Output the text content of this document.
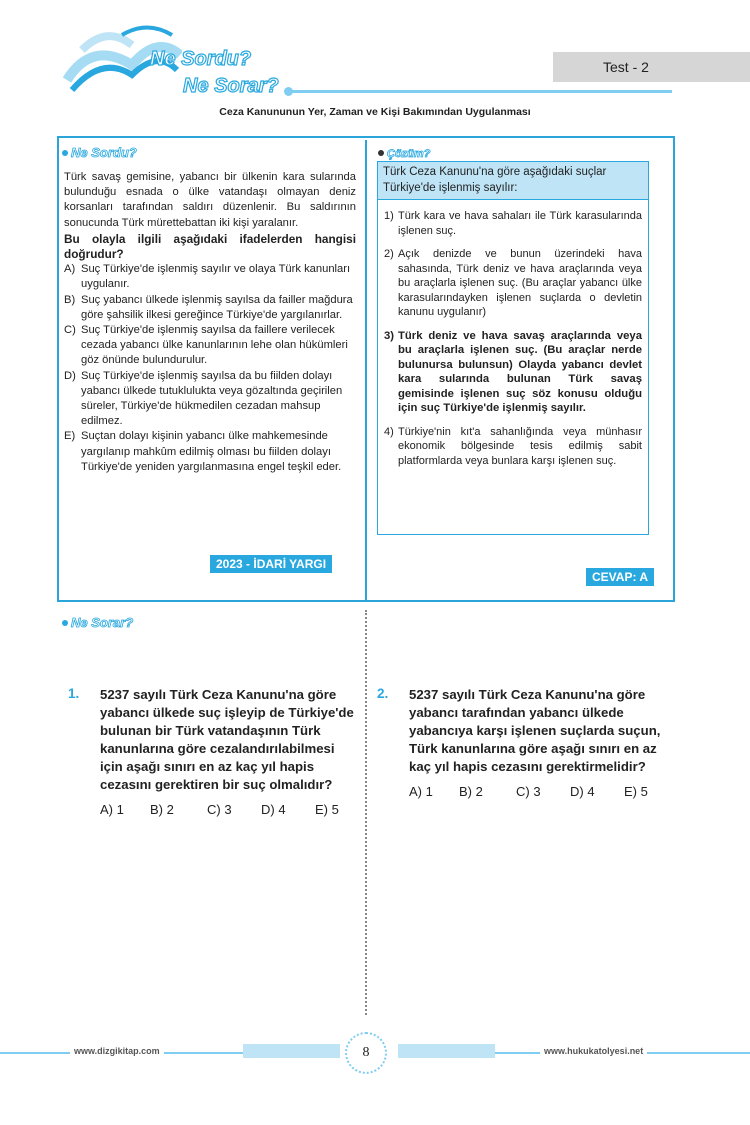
Ne Sordu?
Ne Sorar?
Test - 2
Ceza Kanununun Yer, Zaman ve Kişi Bakımından Uygulanması
Ne Sordu?

Türk savaş gemisine, yabancı bir ülkenin kara sularında bulunduğu esnada o ülke vatandaşı olmayan deniz korsanları tarafından saldırı düzenlenir. Bu saldırının sonucunda Türk mürettebattan iki kişi yaralanır.

Bu olayla ilgili aşağıdaki ifadelerden hangisi doğrudur?

A) Suç Türkiye'de işlenmiş sayılır ve olaya Türk kanunları uygulanır.
B) Suç yabancı ülkede işlenmiş sayılsa da failler mağdura göre şahsilik ilkesi gereğince Türkiye'de yargılanırlar.
C) Suç Türkiye'de işlenmiş sayılsa da faillere verilecek cezada yabancı ülke kanunlarının lehe olan hükümleri göz önünde bulundurulur.
D) Suç Türkiye'de işlenmiş sayılsa da bu fiilden dolayı yabancı ülkede tutuklulukta veya gözaltında geçirilen süreler, Türkiye'de hükmedilen cezadan mahsup edilmez.
E) Suçtan dolayı kişinin yabancı ülke mahkemesinde yargılanıp mahkûm edilmiş olması bu fiilden dolayı Türkiye'de yeniden yargılanmasına engel teşkil eder.
2023 - İDARİ YARGI
Çözüm?
Türk Ceza Kanunu'na göre aşağıdaki suçlar Türkiye'de işlenmiş sayılır:
1) Türk kara ve hava sahaları ile Türk karasularında işlenen suç.
2) Açık denizde ve bunun üzerindeki hava sahasında, Türk deniz ve hava araçlarında veya bu araçlarla işlenen suç. (Bu araçlar yabancı ülke karasularındayken işlenen suçlarda o devletin kanunu uygulanır)
3) Türk deniz ve hava savaş araçlarında veya bu araçlarla işlenen suç. (Bu araçlar nerde bulunursa bulunsun) Olayda yabancı devlet kara sularında bulunan Türk savaş gemisinde işlenen suç söz konusu olduğu için suç Türkiye'de işlenmiş sayılır.
4) Türkiye'nin kıt'a sahanlığında veya münhasır ekonomik bölgesinde tesis edilmiş sabit platformlarda veya bunlara karşı işlenen suç.
CEVAP: A
Ne Sorar?
1.	5237 sayılı Türk Ceza Kanunu'na göre yabancı ülkede suç işleyip de Türkiye'de bulunan bir Türk vatandaşının Türk kanunlarına göre cezalandırılabilmesi için aşağı sınırı en az kaç yıl hapis cezasını gerektiren bir suç olmalıdır?
A) 1	B) 2	C) 3	D) 4	E) 5
2.	5237 sayılı Türk Ceza Kanunu'na göre yabancı tarafından yabancı ülkede yabancıya karşı işlenen suçlarda suçun, Türk kanunlarına göre aşağı sınırı en az kaç yıl hapis cezasını gerektirmelidir?
A) 1	B) 2	C) 3	D) 4	E) 5
www.dizgikitap.com	www.hukukatolyesi.net
8
